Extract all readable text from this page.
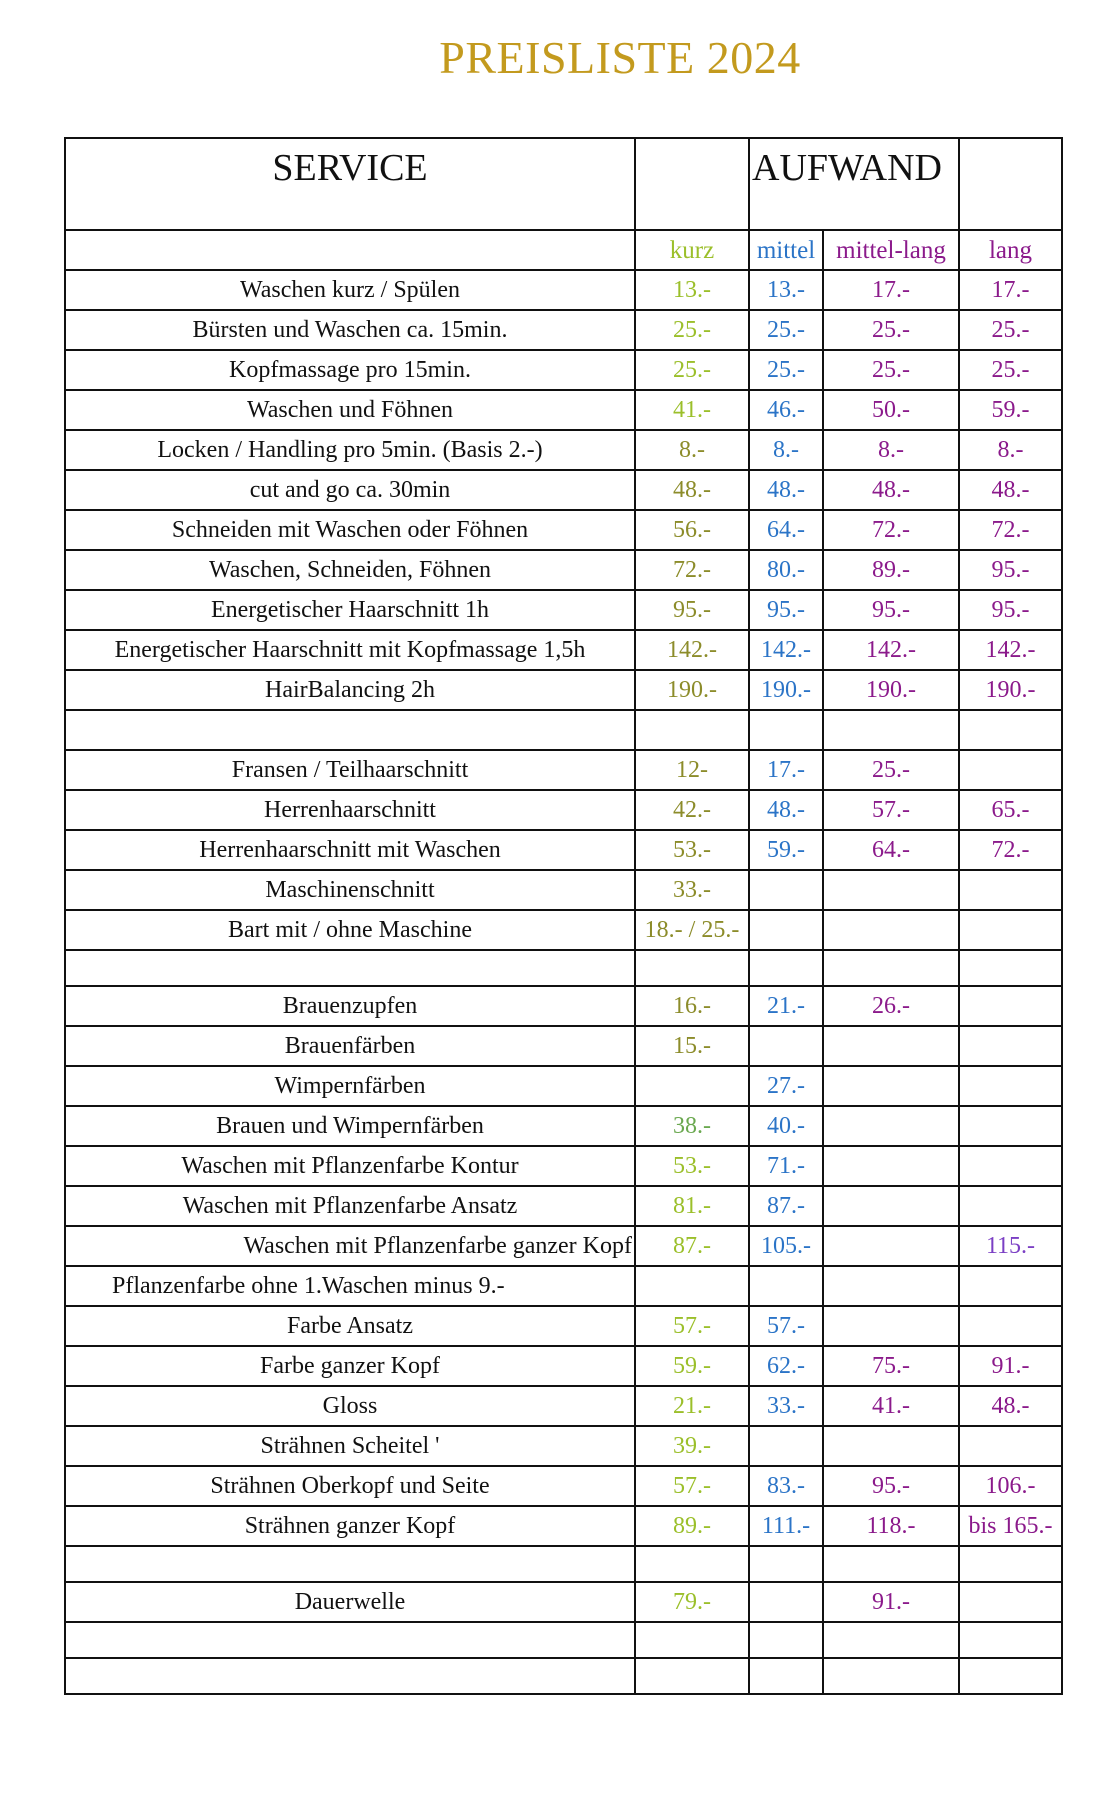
PREISLISTE 2024
SERVICE		AUFWAND		
	kurz	mittel	mittel-lang	lang
Waschen kurz / Spülen	13.-	13.-	17.-	17.-
Bürsten und Waschen ca. 15min.	25.-	25.-	25.-	25.-
Kopfmassage pro 15min.	25.-	25.-	25.-	25.-
Waschen und Föhnen	41.-	46.-	50.-	59.-
Locken / Handling pro 5min. (Basis 2.-)	8.-	8.-	8.-	8.-
cut and go ca. 30min	48.-	48.-	48.-	48.-
Schneiden mit Waschen oder Föhnen	56.-	64.-	72.-	72.-
Waschen, Schneiden, Föhnen	72.-	80.-	89.-	95.-
Energetischer Haarschnitt 1h	95.-	95.-	95.-	95.-
Energetischer Haarschnitt mit Kopfmassage 1,5h	142.-	142.-	142.-	142.-
HairBalancing 2h	190.-	190.-	190.-	190.-

Fransen / Teilhaarschnitt	12-	17.-	25.-	
Herrenhaarschnitt	42.-	48.-	57.-	65.-
Herrenhaarschnitt mit Waschen	53.-	59.-	64.-	72.-
Maschinenschnitt	33.-			
Bart mit / ohne Maschine	18.- / 25.-			

Brauenzupfen	16.-	21.-	26.-	
Brauenfärben	15.-			
Wimpernfärben		27.-		
Brauen und Wimpernfärben	38.-	40.-		
Waschen mit Pflanzenfarbe Kontur	53.-	71.-		
Waschen mit Pflanzenfarbe Ansatz	81.-	87.-		
Waschen mit Pflanzenfarbe ganzer Kopf	87.-	105.-		115.-
Pflanzenfarbe ohne 1.Waschen minus 9.-				
Farbe Ansatz	57.-	57.-		
Farbe ganzer Kopf	59.-	62.-	75.-	91.-
Gloss	21.-	33.-	41.-	48.-
Strähnen Scheitel '	39.-			
Strähnen Oberkopf und Seite	57.-	83.-	95.-	106.-
Strähnen ganzer Kopf	89.-	111.-	118.-	bis 165.-

Dauerwelle	79.-		91.-	
